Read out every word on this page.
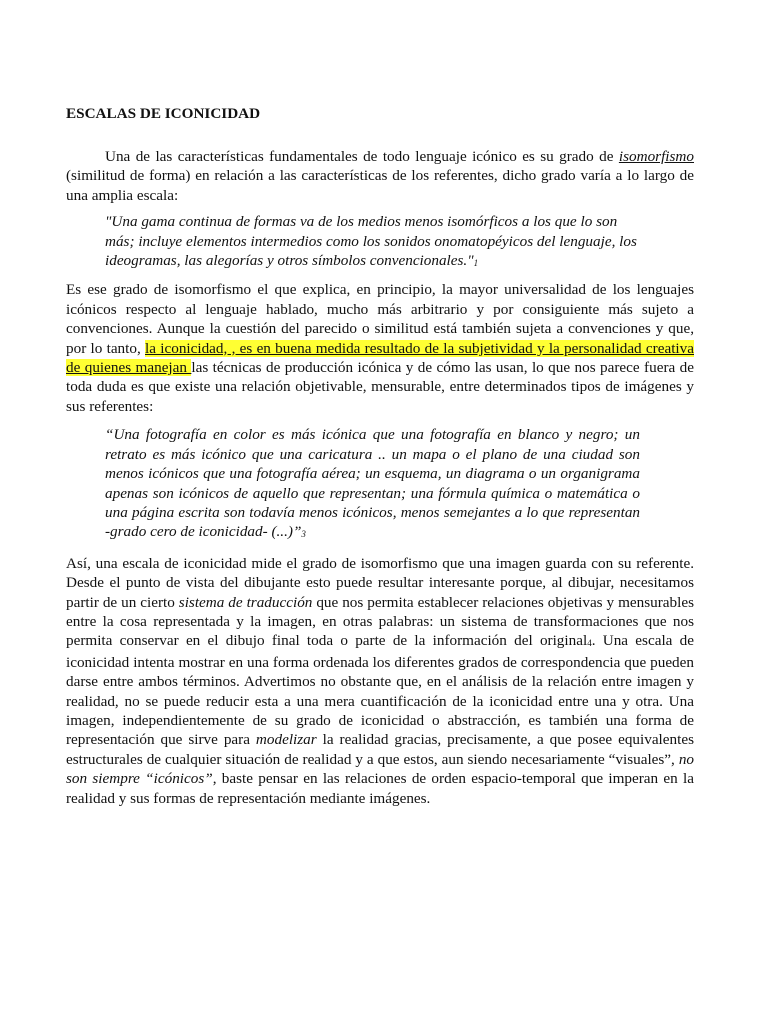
ESCALAS DE ICONICIDAD

Una de las características fundamentales de todo lenguaje icónico es su grado de isomorfismo (similitud de forma) en relación a las características de los referentes, dicho grado varía a lo largo de una amplia escala:

"Una gama continua de formas va de los medios menos isomórficos a los que lo son más; incluye elementos intermedios como los sonidos onomatopéyicos del lenguaje, los ideogramas, las alegorías y otros símbolos convencionales."1

Es ese grado de isomorfismo el que explica, en principio, la mayor universalidad de los lenguajes icónicos respecto al lenguaje hablado, mucho más arbitrario y por consiguiente más sujeto a convenciones. Aunque la cuestión del parecido o similitud está también sujeta a convenciones y que, por lo tanto, la iconicidad, , es en buena medida resultado de la subjetividad y la personalidad creativa de quienes manejan las técnicas de producción icónica y de cómo las usan, lo que nos parece fuera de toda duda es que existe una relación objetivable, mensurable, entre determinados tipos de imágenes y sus referentes:

“Una fotografía en color es más icónica que una fotografía en blanco y negro; un retrato es más icónico que una caricatura .. un mapa o el plano de una ciudad son menos icónicos que una fotografía aérea; un esquema, un diagrama o un organigrama apenas son icónicos de aquello que representan; una fórmula química o matemática o una página escrita son todavía menos icónicos, menos semejantes a lo que representan -grado cero de iconicidad- (...)”3

Así, una escala de iconicidad mide el grado de isomorfismo que una imagen guarda con su referente. Desde el punto de vista del dibujante esto puede resultar interesante porque, al dibujar, necesitamos partir de un cierto sistema de traducción que nos permita establecer relaciones objetivas y mensurables entre la cosa representada y la imagen, en otras palabras: un sistema de transformaciones que nos permita conservar en el dibujo final toda o parte de la información del original4. Una escala de iconicidad intenta mostrar en una forma ordenada los diferentes grados de correspondencia que pueden darse entre ambos términos. Advertimos no obstante que, en el análisis de la relación entre imagen y realidad, no se puede reducir esta a una mera cuantificación de la iconicidad entre una y otra. Una imagen, independientemente de su grado de iconicidad o abstracción, es también una forma de representación que sirve para modelizar la realidad gracias, precisamente, a que posee equivalentes estructurales de cualquier situación de realidad y a que estos, aun siendo necesariamente “visuales”, no son siempre “icónicos”, baste pensar en las relaciones de orden espacio-temporal que imperan en la realidad y sus formas de representación mediante imágenes.
